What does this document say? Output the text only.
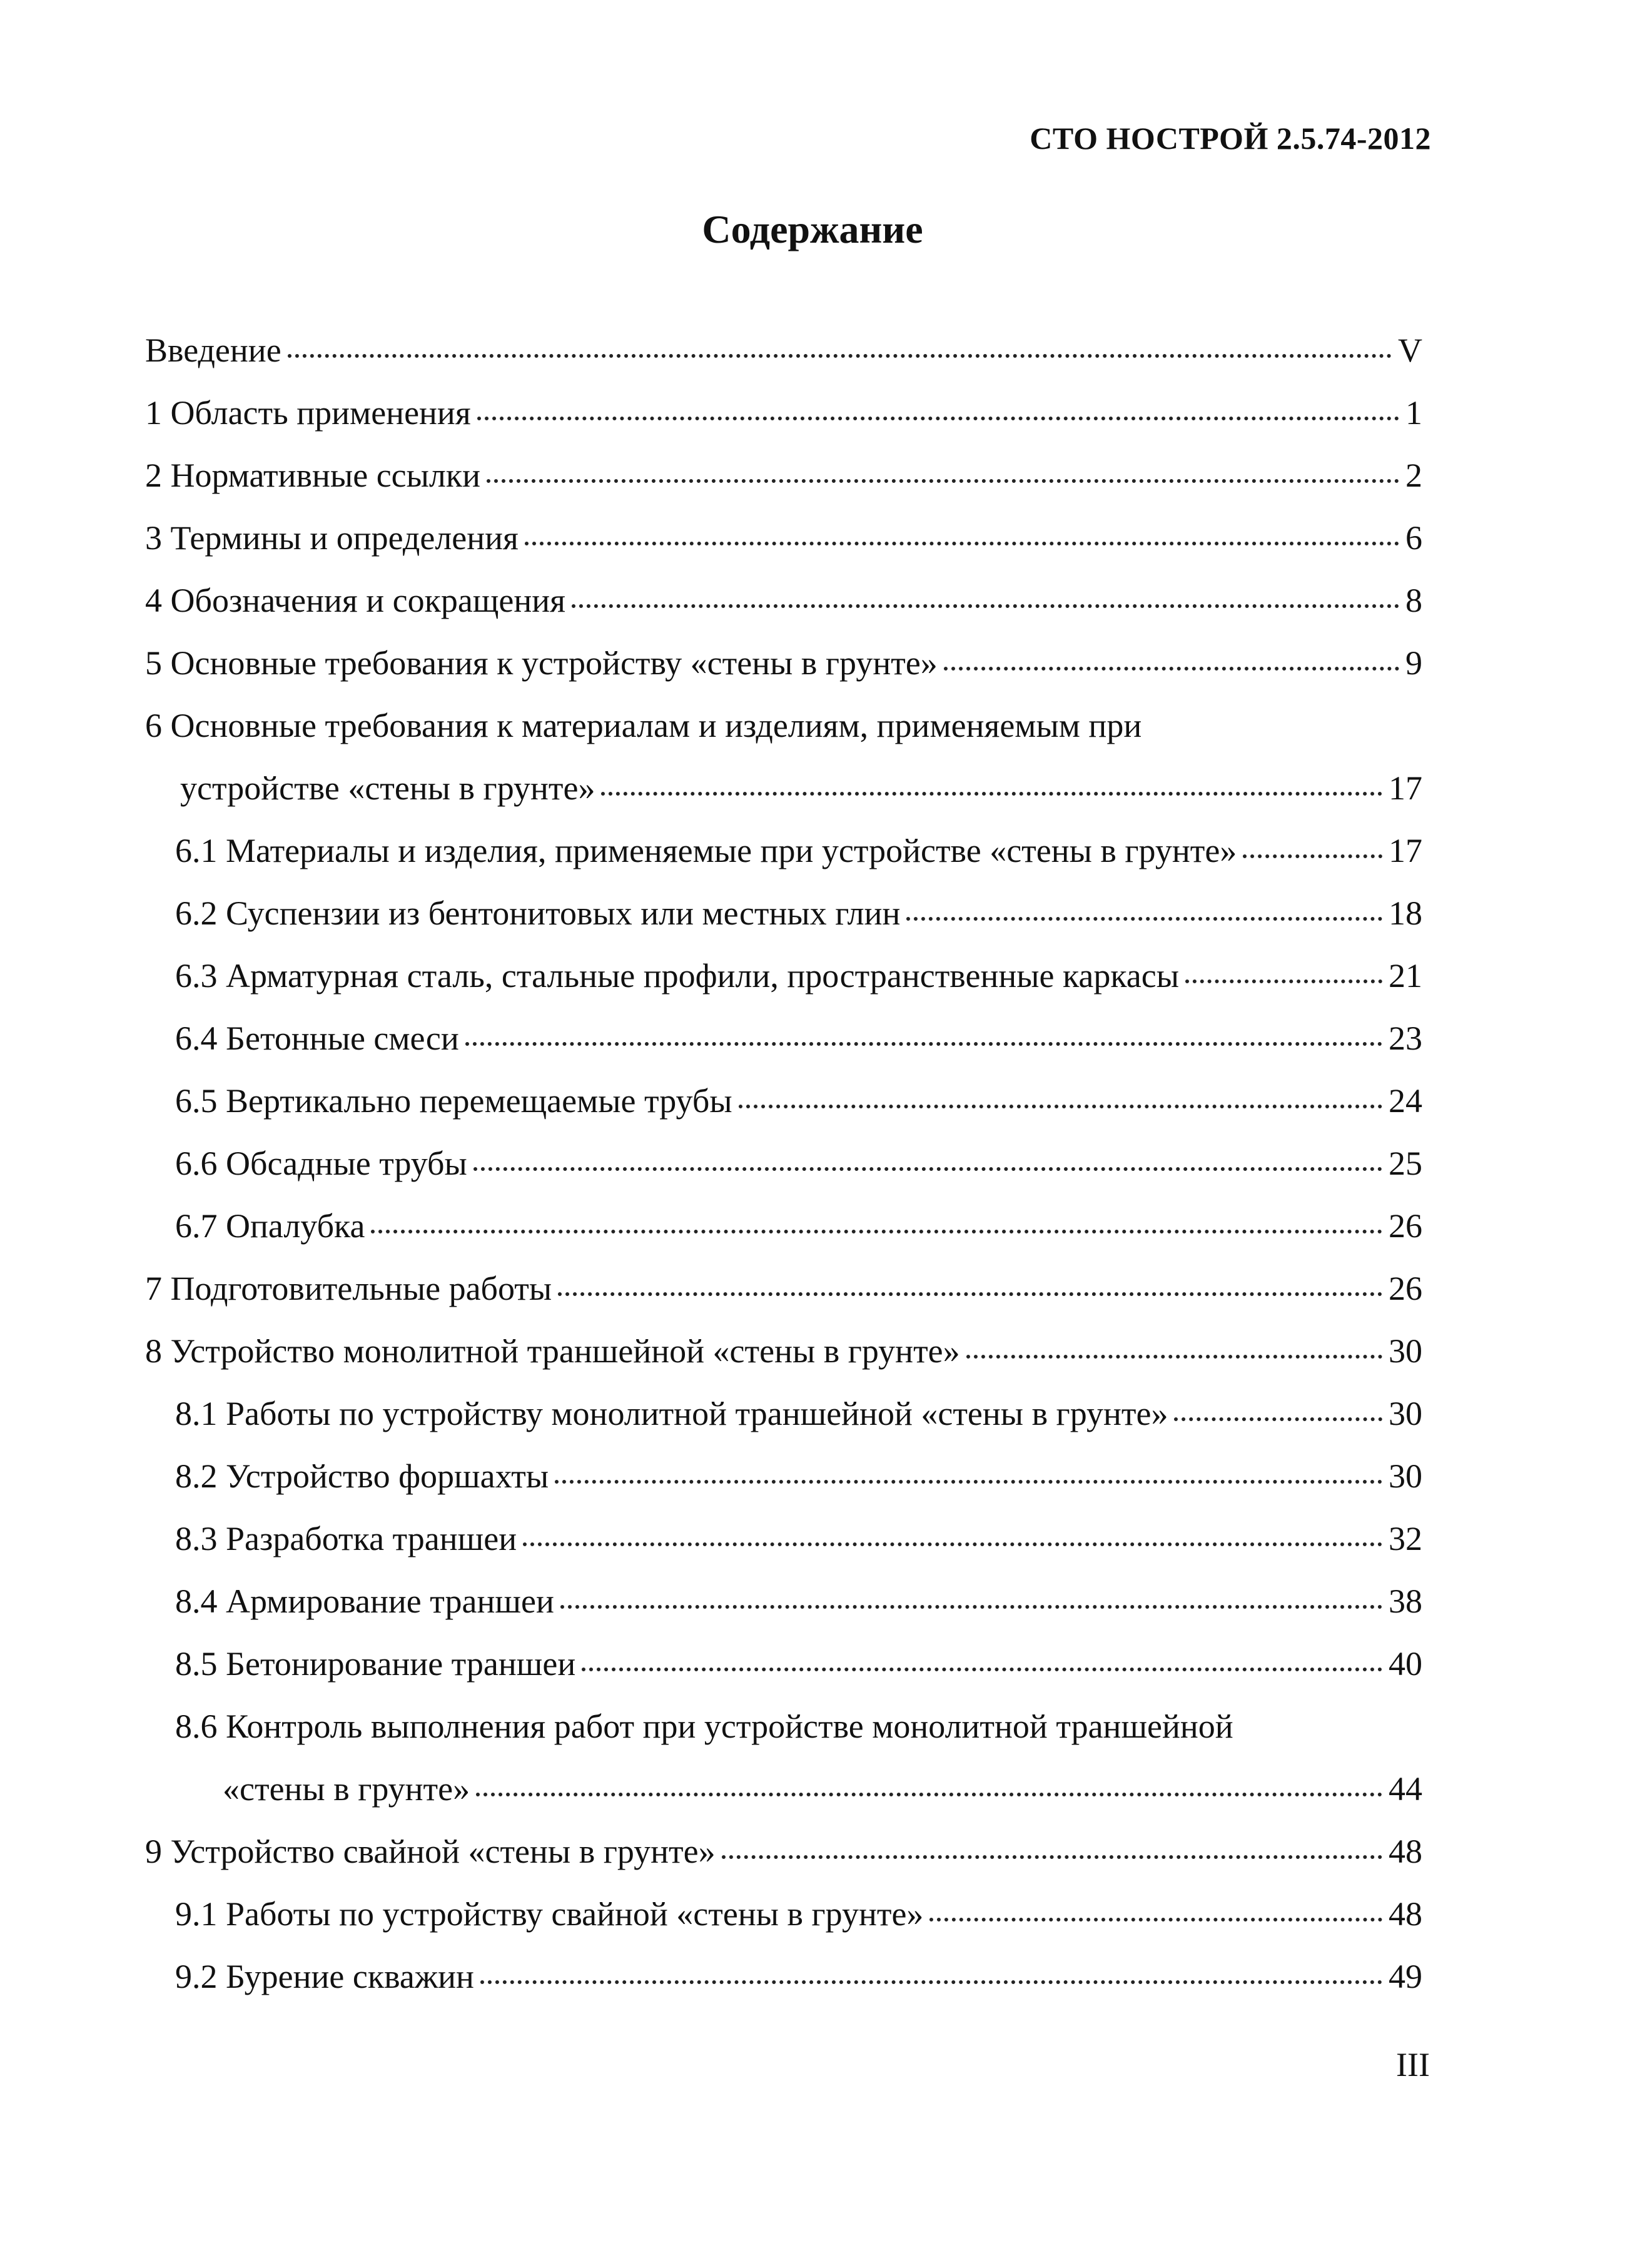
СТО НОСТРОЙ 2.5.74-2012
Содержание
Введение	V
1 Область применения	1
2 Нормативные ссылки	2
3 Термины и определения	6
4 Обозначения и сокращения	8
5 Основные требования к устройству «стены в грунте»	9
6 Основные требования к материалам и изделиям, применяемым при
устройстве «стены в грунте»	17
6.1 Материалы и изделия, применяемые при устройстве «стены в грунте»	17
6.2 Суспензии из бентонитовых или местных глин	18
6.3 Арматурная сталь, стальные профили, пространственные каркасы	21
6.4 Бетонные смеси	23
6.5 Вертикально перемещаемые трубы	24
6.6 Обсадные трубы	25
6.7 Опалубка	26
7 Подготовительные работы	26
8 Устройство монолитной траншейной «стены в грунте»	30
8.1 Работы по устройству монолитной траншейной «стены в грунте»	30
8.2 Устройство форшахты	30
8.3 Разработка траншеи	32
8.4 Армирование траншеи	38
8.5 Бетонирование траншеи	40
8.6 Контроль выполнения работ при устройстве монолитной траншейной
«стены в грунте»	44
9 Устройство свайной «стены в грунте»	48
9.1 Работы по устройству свайной «стены в грунте»	48
9.2 Бурение скважин	49
III
